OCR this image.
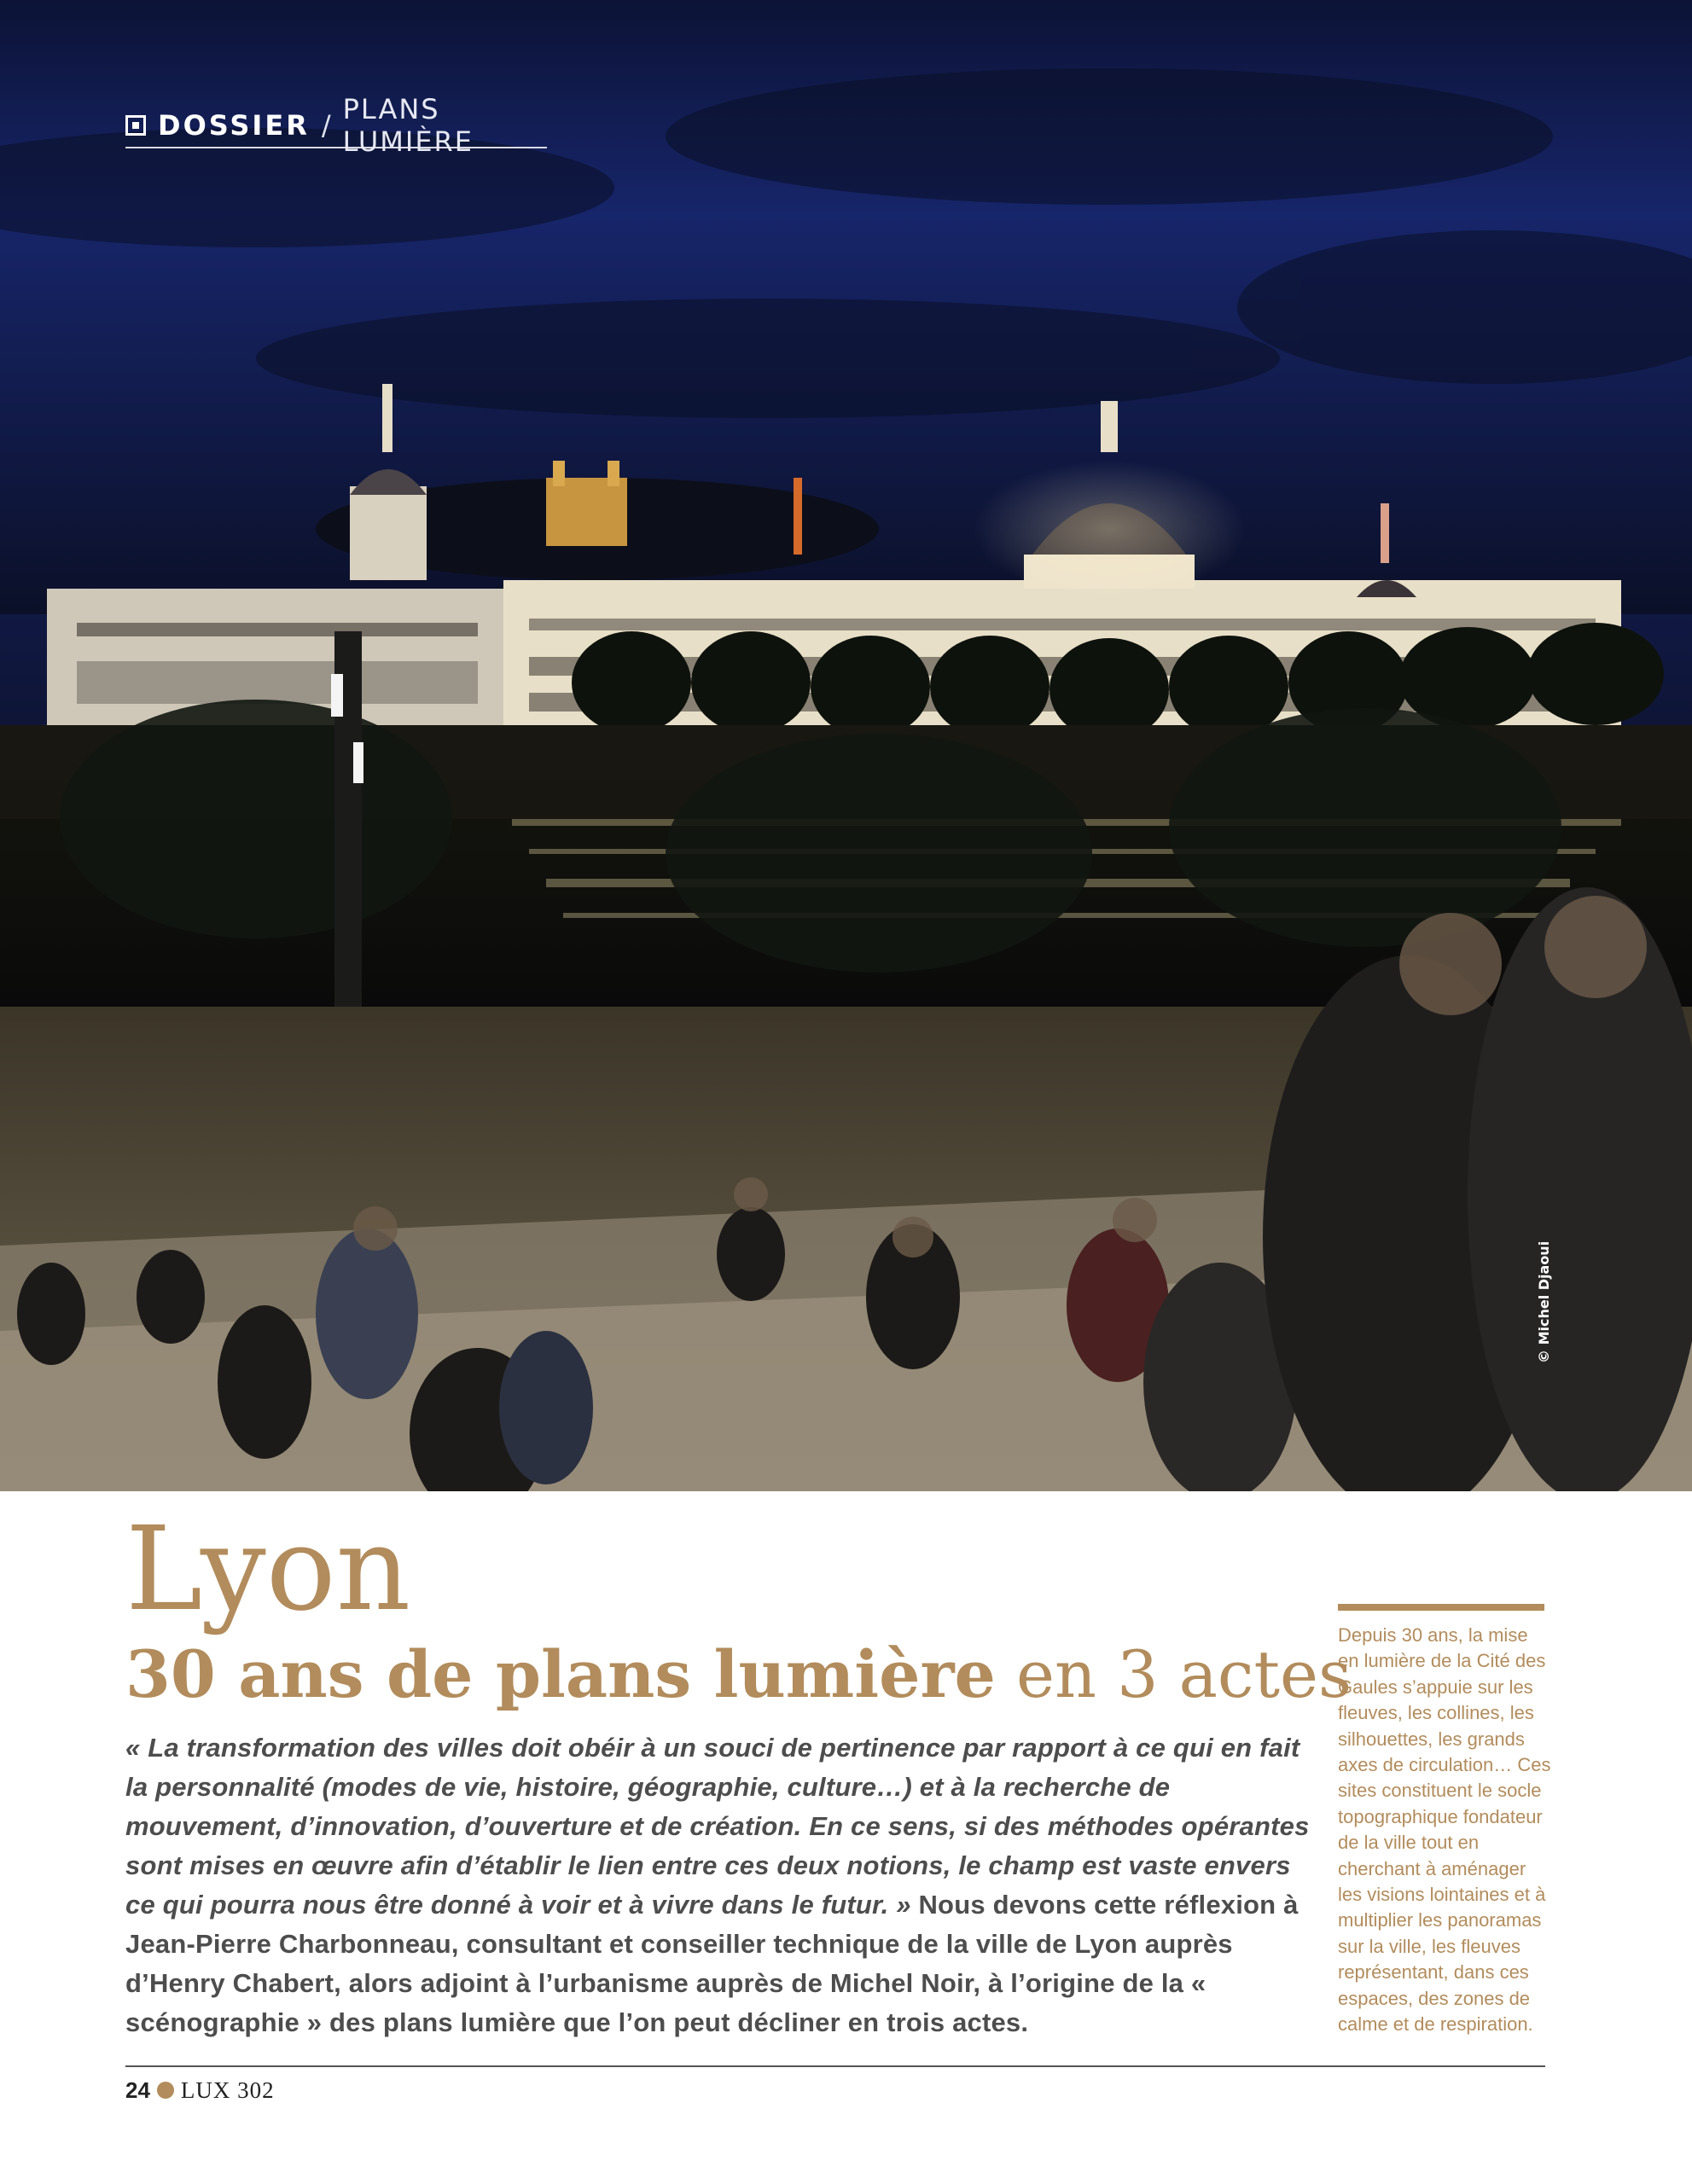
DOSSIER / PLANS LUMIÈRE
© Michel Djaoui
Lyon
30 ans de plans lumière en 3 actes

« La transformation des villes doit obéir à un souci de pertinence par rapport à ce qui en fait la personnalité (modes de vie, histoire, géographie, culture…) et à la recherche de mouvement, d’innovation, d’ouverture et de création. En ce sens, si des méthodes opérantes sont mises en œuvre afin d’établir le lien entre ces deux notions, le champ est vaste envers ce qui pourra nous être donné à voir et à vivre dans le futur. » Nous devons cette réflexion à Jean-Pierre Charbonneau, consultant et conseiller technique de la ville de Lyon auprès d’Henry Chabert, alors adjoint à l’urbanisme auprès de Michel Noir, à l’origine de la « scénographie » des plans lumière que l’on peut décliner en trois actes.

Depuis 30 ans, la mise en lumière de la Cité des Gaules s’appuie sur les fleuves, les collines, les silhouettes, les grands axes de circulation… Ces sites constituent le socle topographique fondateur de la ville tout en cherchant à aménager les visions lointaines et à multiplier les panoramas sur la ville, les fleuves représentant, dans ces espaces, des zones de calme et de respiration.

24 LUX 302
